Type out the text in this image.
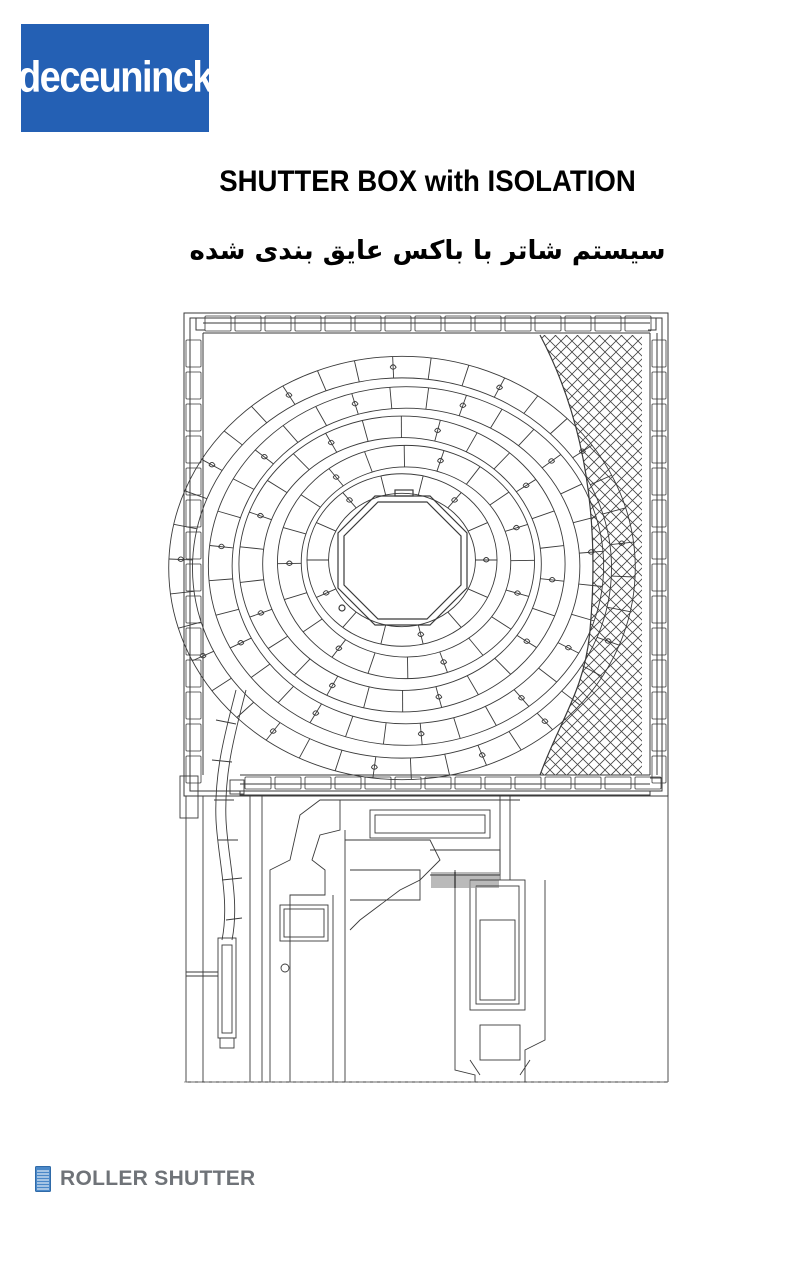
deceuninck
SHUTTER BOX with ISOLATION
سیستم شاتر با باکس عایق بندی شده
ROLLER SHUTTER
